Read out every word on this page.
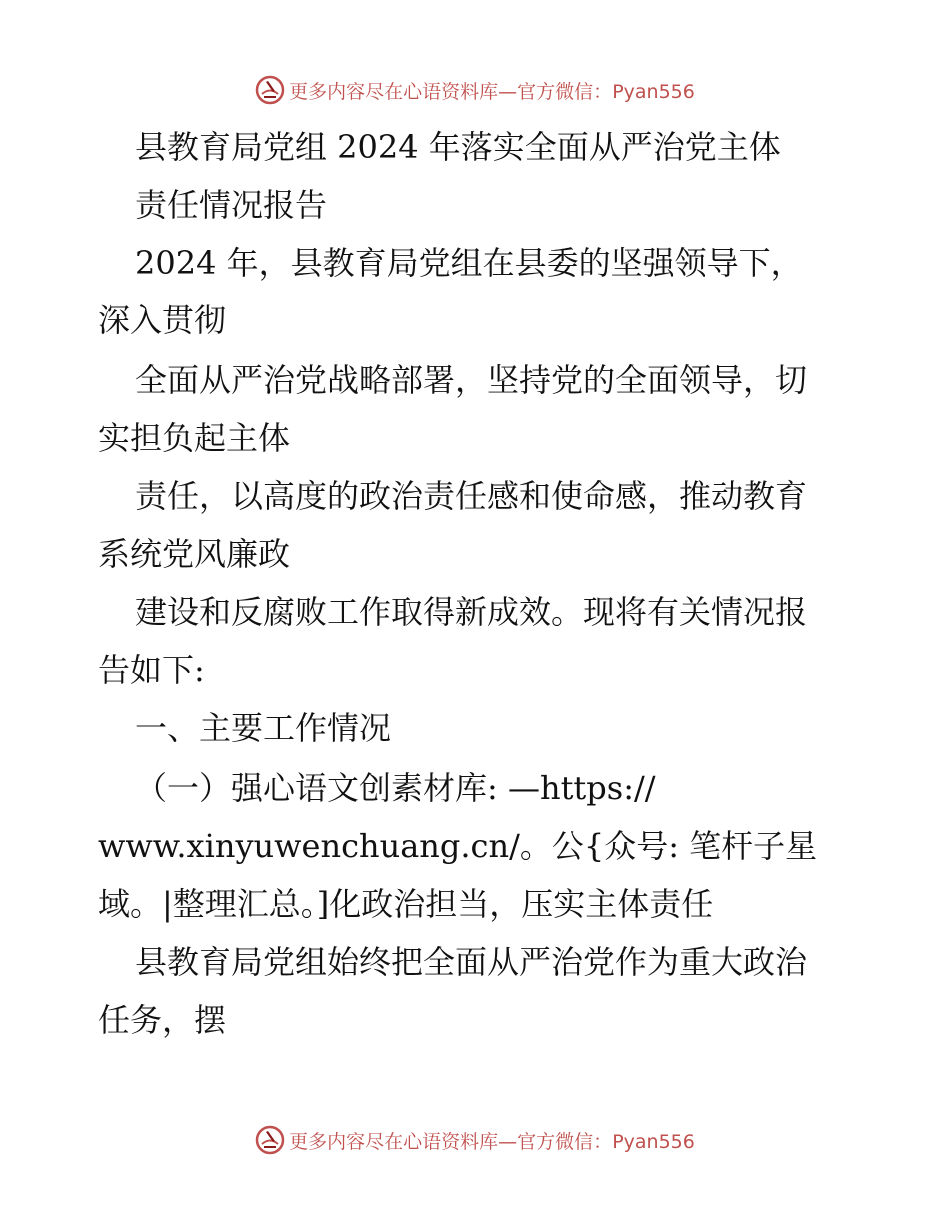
更多内容尽在心语资料库—官方微信：Pyan556
县教育局党组 2024 年落实全面从严治党主体
责任情况报告
2024 年，县教育局党组在县委的坚强领导下，
深入贯彻
全面从严治党战略部署，坚持党的全面领导，切
实担负起主体
责任，以高度的政治责任感和使命感，推动教育
系统党风廉政
建设和反腐败工作取得新成效。现将有关情况报
告如下:
一、主要工作情况
（一）强心语文创素材库: —https://
www.xinyuwenchuang.cn/。公{众号: 笔杆子星
域。|整理汇总。]化政治担当，压实主体责任
县教育局党组始终把全面从严治党作为重大政治
任务，摆
更多内容尽在心语资料库—官方微信：Pyan556
